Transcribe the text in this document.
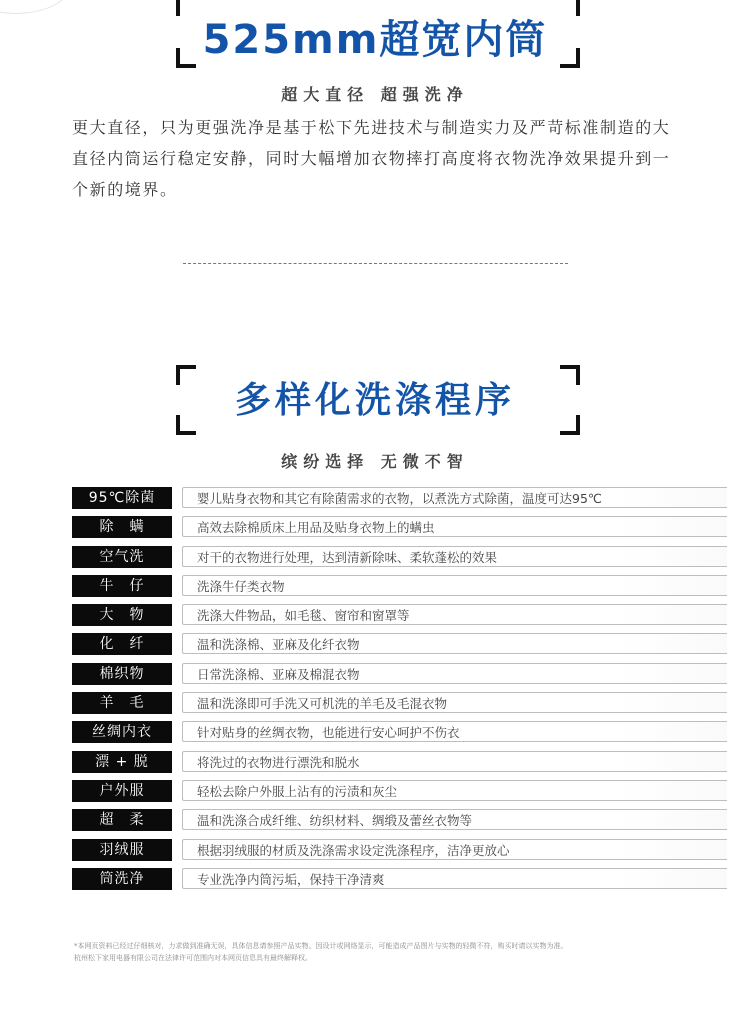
525mm超宽内筒
超大直径 超强洗净
更大直径，只为更强洗净是基于松下先进技术与制造实力及严苛标准制造的大直径内筒运行稳定安静，同时大幅增加衣物摔打高度将衣物洗净效果提升到一个新的境界。
多样化洗涤程序
缤纷选择 无微不智
95℃除菌	婴儿贴身衣物和其它有除菌需求的衣物，以煮洗方式除菌，温度可达95℃
除　螨	高效去除棉质床上用品及贴身衣物上的螨虫
空气洗	对干的衣物进行处理，达到清新除味、柔软蓬松的效果
牛　仔	洗涤牛仔类衣物
大　物	洗涤大件物品，如毛毯、窗帘和窗罩等
化　纤	温和洗涤棉、亚麻及化纤衣物
棉织物	日常洗涤棉、亚麻及棉混衣物
羊　毛	温和洗涤即可手洗又可机洗的羊毛及毛混衣物
丝绸内衣	针对贴身的丝绸衣物，也能进行安心呵护不伤衣
漂 + 脱	将洗过的衣物进行漂洗和脱水
户外服	轻松去除户外服上沾有的污渍和灰尘
超　柔	温和洗涤合成纤维、纺织材料、绸缎及蕾丝衣物等
羽绒服	根据羽绒服的材质及洗涤需求设定洗涤程序，洁净更放心
筒洗净	专业洗净内筒污垢，保持干净清爽
*本网页资料已经过仔细核对，力求做到准确无误，具体信息请参照产品实物。因设计或网络显示，可能造成产品图片与实物的轻微不符，购买时请以实物为准。
杭州松下家用电器有限公司在法律许可范围内对本网页信息具有最终解释权。
